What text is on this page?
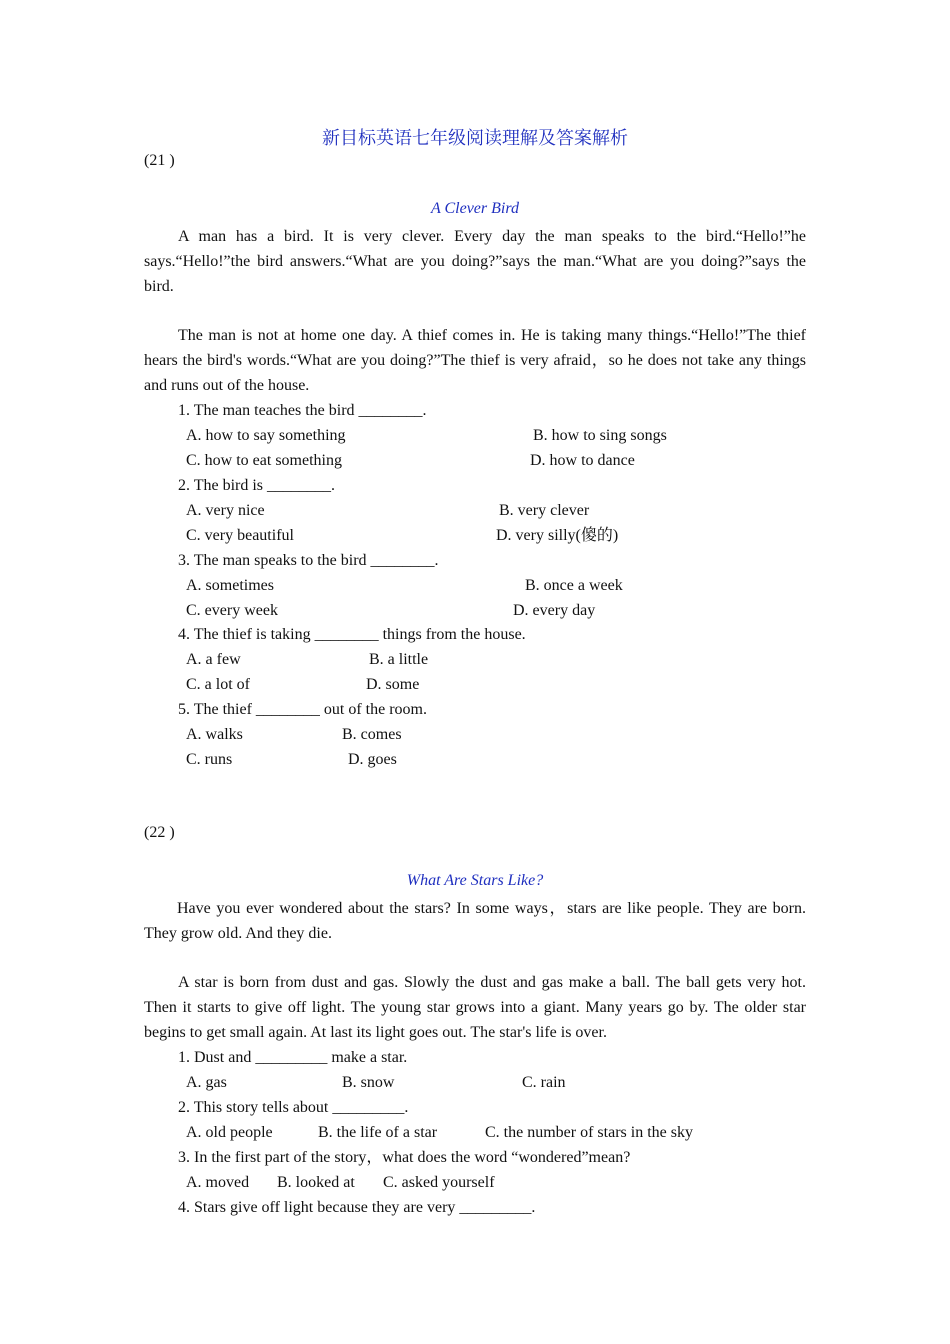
新目标英语七年级阅读理解及答案解析
(21 )
A Clever Bird
A man has a bird. It is very clever. Every day the man speaks to the bird.“Hello!”he says.“Hello!”the bird answers.“What are you doing?”says the man.“What are you doing?”says the bird.
The man is not at home one day. A thief comes in. He is taking many things.“Hello!”The thief hears the bird's words.“What are you doing?”The thief is very afraid，so he does not take any things and runs out of the house.
1. The man teaches the bird ________.
A. how to say something	B. how to sing songs
C. how to eat something	D. how to dance
2. The bird is ________.
A. very nice	B. very clever
C. very beautiful	D. very silly(傻的)
3. The man speaks to the bird ________.
A. sometimes	B. once a week
C. every week	D. every day
4. The thief is taking ________ things from the house.
A. a few	B. a little
C. a lot of	D. some
5. The thief ________ out of the room.
A. walks	B. comes
C. runs	D. goes
(22 )
What Are Stars Like?
Have you ever wondered about the stars? In some ways，stars are like people. They are born. They grow old. And they die.
A star is born from dust and gas. Slowly the dust and gas make a ball. The ball gets very hot. Then it starts to give off light. The young star grows into a giant. Many years go by. The older star begins to get small again. At last its light goes out. The star's life is over.
1. Dust and _________ make a star.
A. gas	B. snow	C. rain
2. This story tells about _________.
A. old people	B. the life of a star	C. the number of stars in the sky
3. In the first part of the story，what does the word “wondered”mean?
A. moved B. looked at C. asked yourself
4. Stars give off light because they are very _________.
